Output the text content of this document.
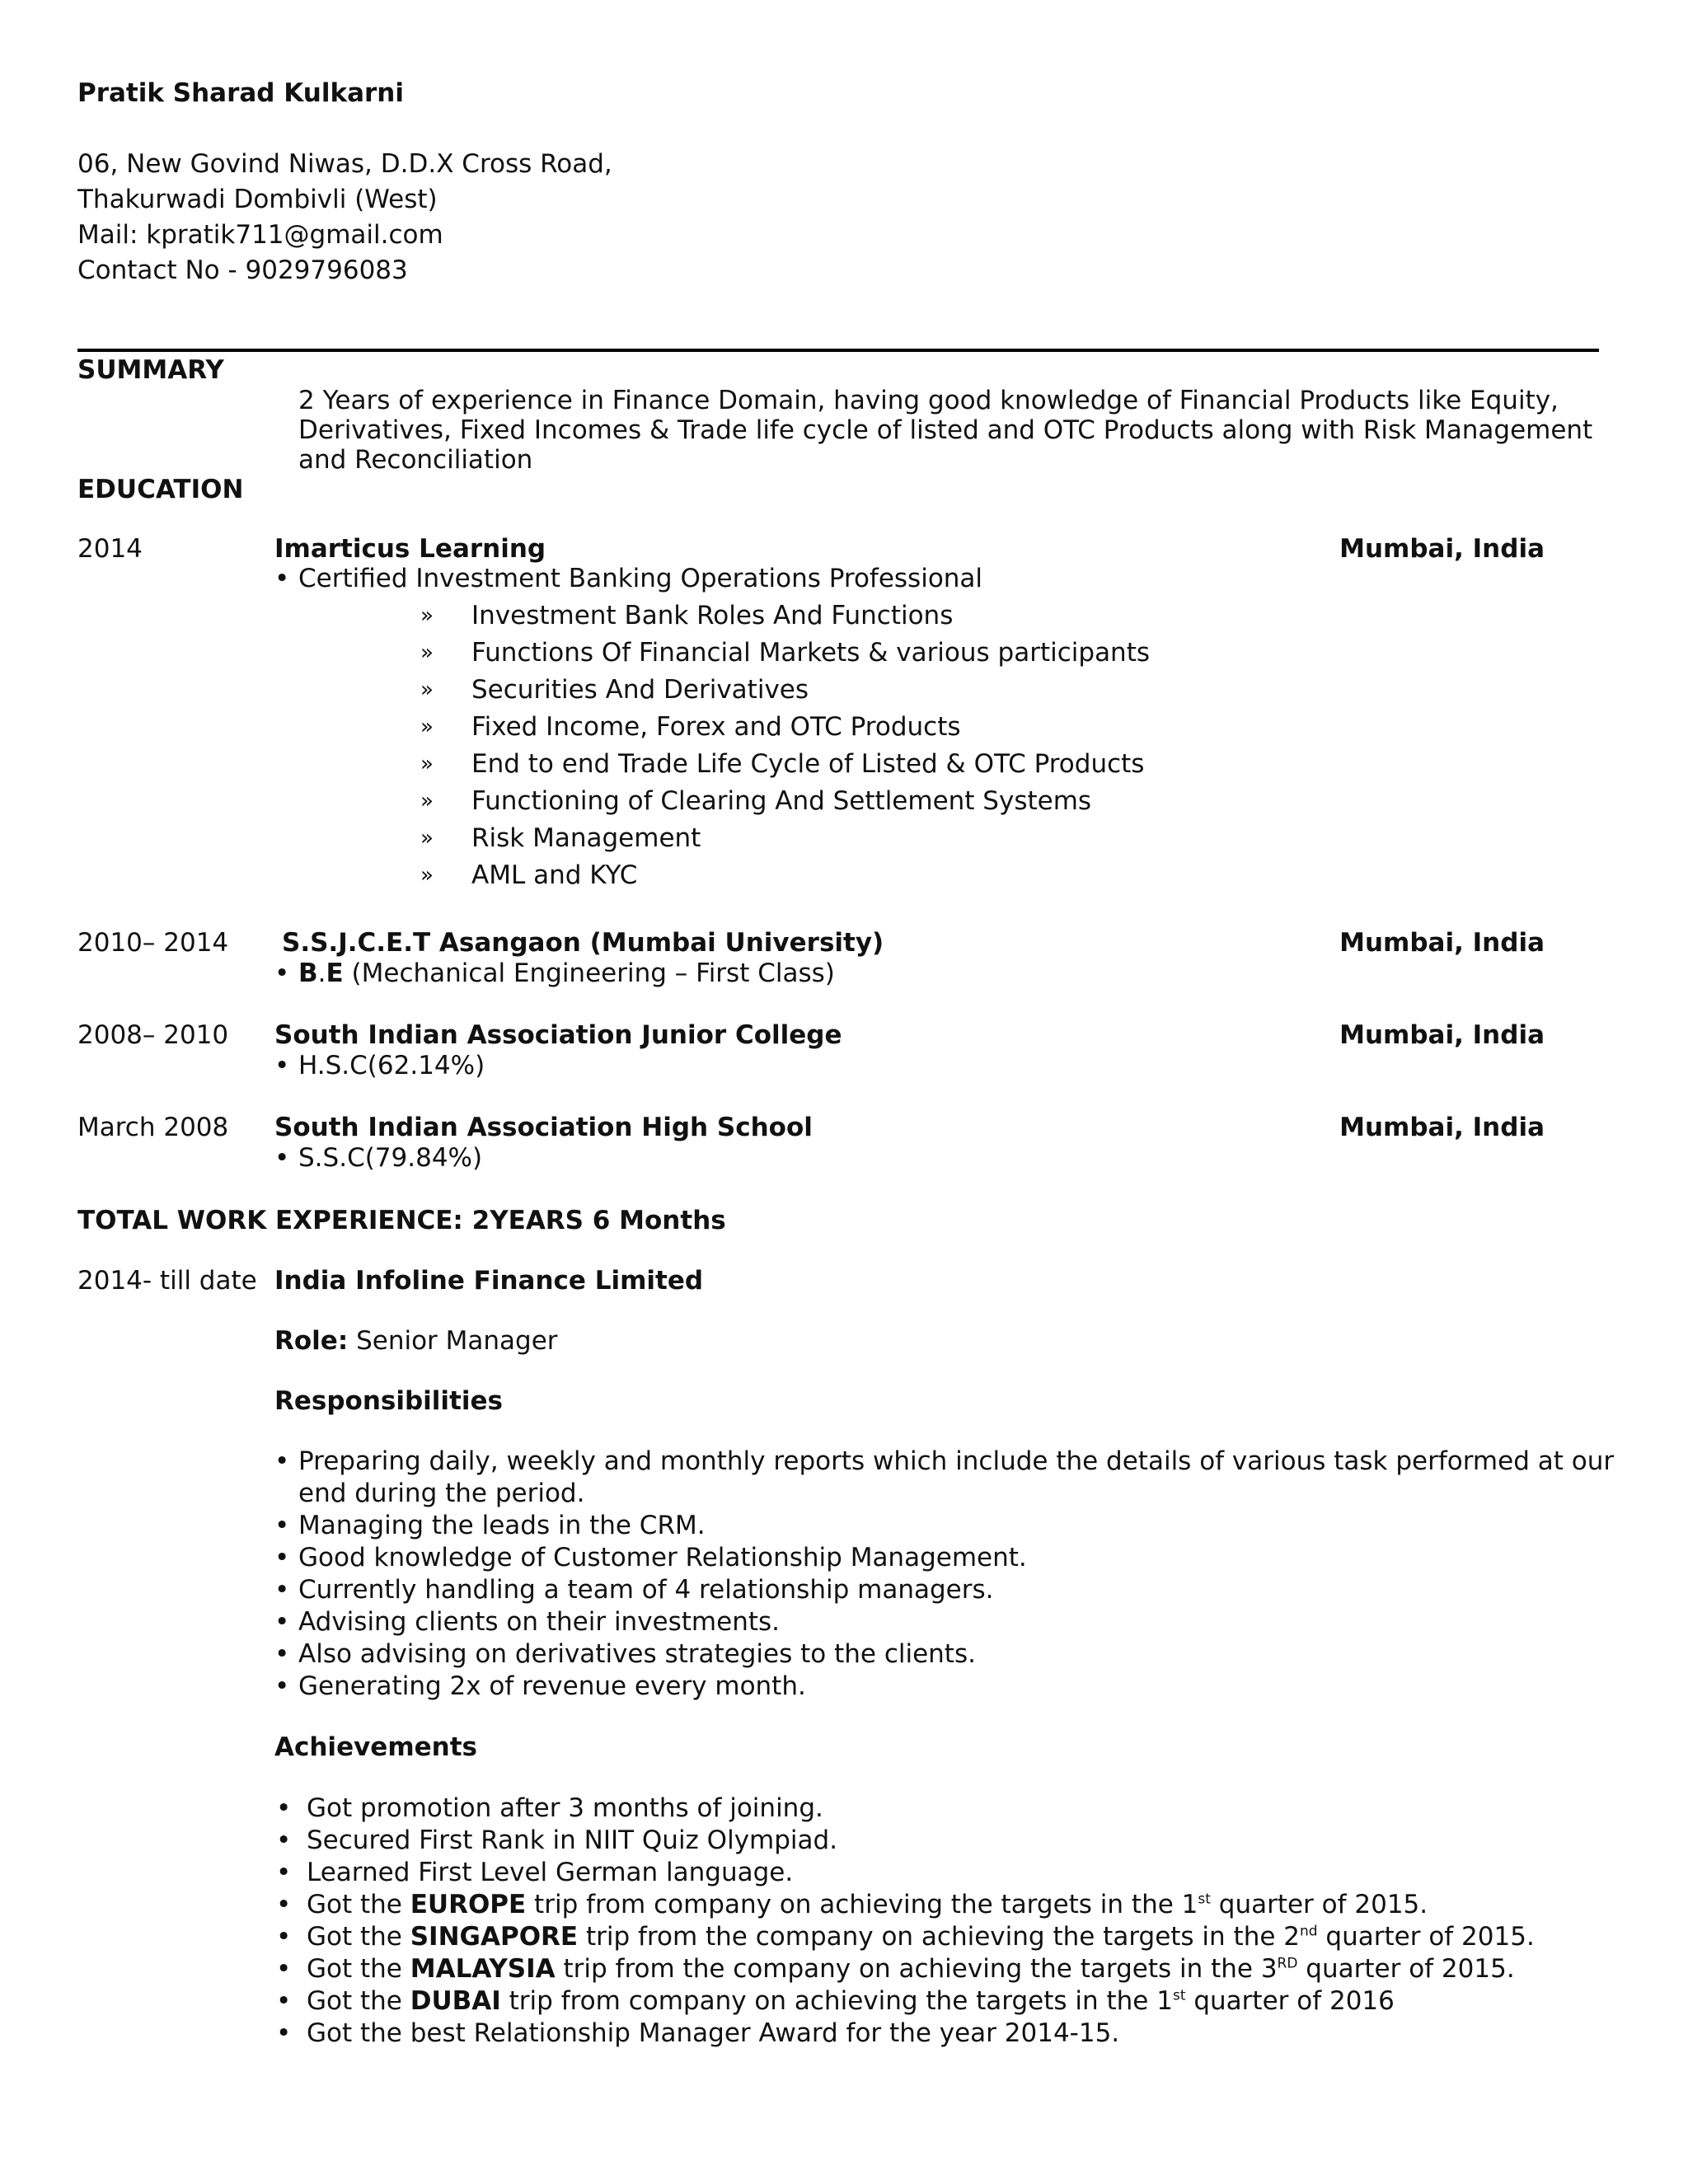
Pratik Sharad Kulkarni
06, New Govind Niwas, D.D.X Cross Road,
Thakurwadi Dombivli (West)
Mail: kpratik711@gmail.com
Contact No - 9029796083
SUMMARY
2 Years of experience in Finance Domain, having good knowledge of Financial Products like Equity,
Derivatives, Fixed Incomes & Trade life cycle of listed and OTC Products along with Risk Management
and Reconciliation
EDUCATION
2014	Imarticus Learning	Mumbai, India
• Certified Investment Banking Operations Professional
» Investment Bank Roles And Functions
» Functions Of Financial Markets & various participants
» Securities And Derivatives
» Fixed Income, Forex and OTC Products
» End to end Trade Life Cycle of Listed & OTC Products
» Functioning of Clearing And Settlement Systems
» Risk Management
» AML and KYC
2010– 2014 S.S.J.C.E.T Asangaon (Mumbai University)	Mumbai, India
• B.E (Mechanical Engineering – First Class)
2008– 2010 South Indian Association Junior College	Mumbai, India
• H.S.C(62.14%)
March 2008 South Indian Association High School	Mumbai, India
• S.S.C(79.84%)
TOTAL WORK EXPERIENCE: 2YEARS 6 Months
2014- till date India Infoline Finance Limited
Role: Senior Manager
Responsibilities
• Preparing daily, weekly and monthly reports which include the details of various task performed at our
end during the period.
• Managing the leads in the CRM.
• Good knowledge of Customer Relationship Management.
• Currently handling a team of 4 relationship managers.
• Advising clients on their investments.
• Also advising on derivatives strategies to the clients.
• Generating 2x of revenue every month.
Achievements
• Got promotion after 3 months of joining.
• Secured First Rank in NIIT Quiz Olympiad.
• Learned First Level German language.
• Got the EUROPE trip from company on achieving the targets in the 1st quarter of 2015.
• Got the SINGAPORE trip from the company on achieving the targets in the 2nd quarter of 2015.
• Got the MALAYSIA trip from the company on achieving the targets in the 3RD quarter of 2015.
• Got the DUBAI trip from company on achieving the targets in the 1st quarter of 2016
• Got the best Relationship Manager Award for the year 2014-15.
